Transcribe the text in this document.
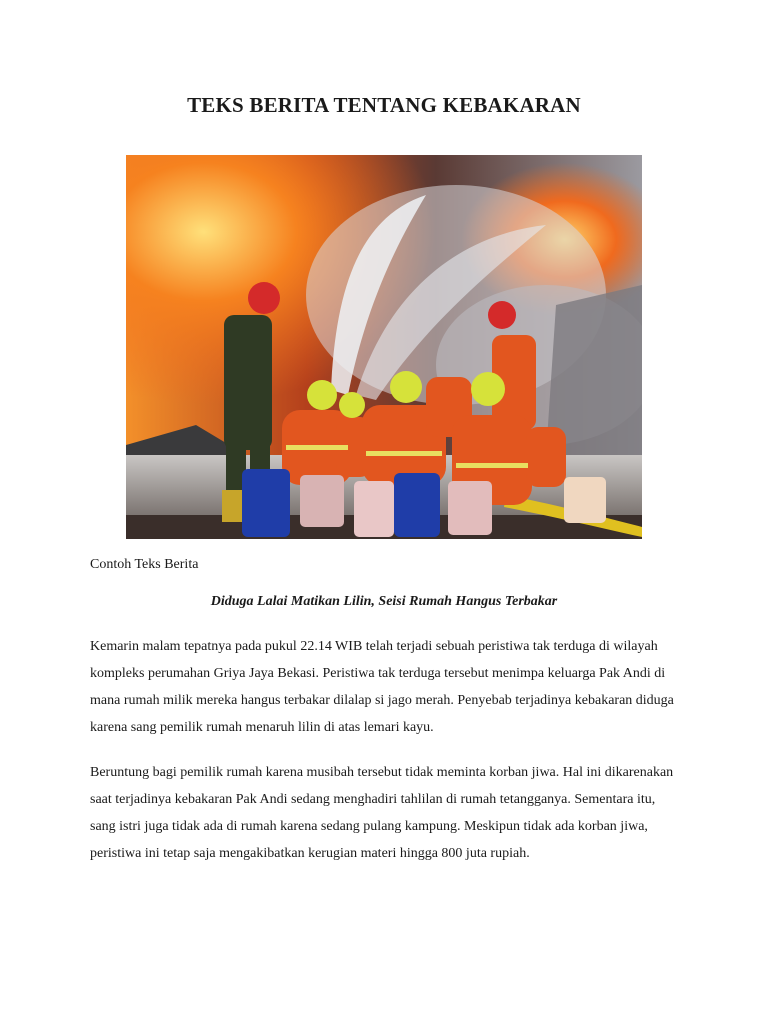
TEKS BERITA TENTANG KEBAKARAN

Contoh Teks Berita

Diduga Lalai Matikan Lilin, Seisi Rumah Hangus Terbakar

Kemarin malam tepatnya pada pukul 22.14 WIB telah terjadi sebuah peristiwa tak terduga di wilayah kompleks perumahan Griya Jaya Bekasi. Peristiwa tak terduga tersebut menimpa keluarga Pak Andi di mana rumah milik mereka hangus terbakar dilalap si jago merah. Penyebab terjadinya kebakaran diduga karena sang pemilik rumah menaruh lilin di atas lemari kayu.

Beruntung bagi pemilik rumah karena musibah tersebut tidak meminta korban jiwa. Hal ini dikarenakan saat terjadinya kebakaran Pak Andi sedang menghadiri tahlilan di rumah tetangganya. Sementara itu, sang istri juga tidak ada di rumah karena sedang pulang kampung. Meskipun tidak ada korban jiwa, peristiwa ini tetap saja mengakibatkan kerugian materi hingga 800 juta rupiah.
